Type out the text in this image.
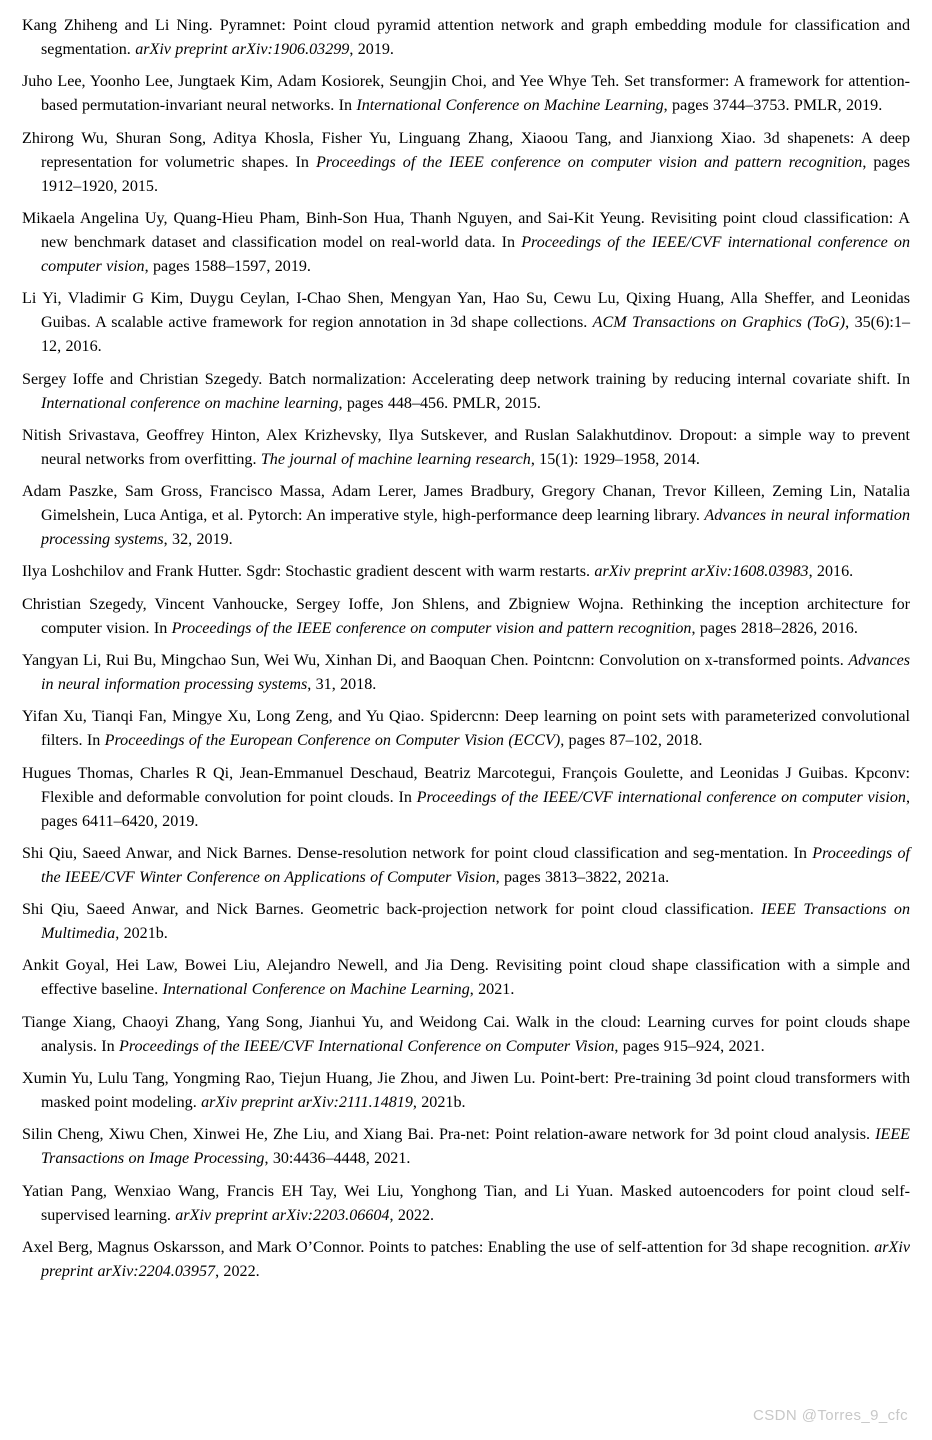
Kang Zhiheng and Li Ning. Pyramnet: Point cloud pyramid attention network and graph embedding module for classification and segmentation. arXiv preprint arXiv:1906.03299, 2019.
Juho Lee, Yoonho Lee, Jungtaek Kim, Adam Kosiorek, Seungjin Choi, and Yee Whye Teh. Set transformer: A framework for attention-based permutation-invariant neural networks. In International Conference on Machine Learning, pages 3744–3753. PMLR, 2019.
Zhirong Wu, Shuran Song, Aditya Khosla, Fisher Yu, Linguang Zhang, Xiaoou Tang, and Jianxiong Xiao. 3d shapenets: A deep representation for volumetric shapes. In Proceedings of the IEEE conference on computer vision and pattern recognition, pages 1912–1920, 2015.
Mikaela Angelina Uy, Quang-Hieu Pham, Binh-Son Hua, Thanh Nguyen, and Sai-Kit Yeung. Revisiting point cloud classification: A new benchmark dataset and classification model on real-world data. In Proceedings of the IEEE/CVF international conference on computer vision, pages 1588–1597, 2019.
Li Yi, Vladimir G Kim, Duygu Ceylan, I-Chao Shen, Mengyan Yan, Hao Su, Cewu Lu, Qixing Huang, Alla Sheffer, and Leonidas Guibas. A scalable active framework for region annotation in 3d shape collections. ACM Transactions on Graphics (ToG), 35(6):1–12, 2016.
Sergey Ioffe and Christian Szegedy. Batch normalization: Accelerating deep network training by reducing internal covariate shift. In International conference on machine learning, pages 448–456. PMLR, 2015.
Nitish Srivastava, Geoffrey Hinton, Alex Krizhevsky, Ilya Sutskever, and Ruslan Salakhutdinov. Dropout: a simple way to prevent neural networks from overfitting. The journal of machine learning research, 15(1): 1929–1958, 2014.
Adam Paszke, Sam Gross, Francisco Massa, Adam Lerer, James Bradbury, Gregory Chanan, Trevor Killeen, Zeming Lin, Natalia Gimelshein, Luca Antiga, et al. Pytorch: An imperative style, high-performance deep learning library. Advances in neural information processing systems, 32, 2019.
Ilya Loshchilov and Frank Hutter. Sgdr: Stochastic gradient descent with warm restarts. arXiv preprint arXiv:1608.03983, 2016.
Christian Szegedy, Vincent Vanhoucke, Sergey Ioffe, Jon Shlens, and Zbigniew Wojna. Rethinking the inception architecture for computer vision. In Proceedings of the IEEE conference on computer vision and pattern recognition, pages 2818–2826, 2016.
Yangyan Li, Rui Bu, Mingchao Sun, Wei Wu, Xinhan Di, and Baoquan Chen. Pointcnn: Convolution on x-transformed points. Advances in neural information processing systems, 31, 2018.
Yifan Xu, Tianqi Fan, Mingye Xu, Long Zeng, and Yu Qiao. Spidercnn: Deep learning on point sets with parameterized convolutional filters. In Proceedings of the European Conference on Computer Vision (ECCV), pages 87–102, 2018.
Hugues Thomas, Charles R Qi, Jean-Emmanuel Deschaud, Beatriz Marcotegui, François Goulette, and Leonidas J Guibas. Kpconv: Flexible and deformable convolution for point clouds. In Proceedings of the IEEE/CVF international conference on computer vision, pages 6411–6420, 2019.
Shi Qiu, Saeed Anwar, and Nick Barnes. Dense-resolution network for point cloud classification and seg-mentation. In Proceedings of the IEEE/CVF Winter Conference on Applications of Computer Vision, pages 3813–3822, 2021a.
Shi Qiu, Saeed Anwar, and Nick Barnes. Geometric back-projection network for point cloud classification. IEEE Transactions on Multimedia, 2021b.
Ankit Goyal, Hei Law, Bowei Liu, Alejandro Newell, and Jia Deng. Revisiting point cloud shape classification with a simple and effective baseline. International Conference on Machine Learning, 2021.
Tiange Xiang, Chaoyi Zhang, Yang Song, Jianhui Yu, and Weidong Cai. Walk in the cloud: Learning curves for point clouds shape analysis. In Proceedings of the IEEE/CVF International Conference on Computer Vision, pages 915–924, 2021.
Xumin Yu, Lulu Tang, Yongming Rao, Tiejun Huang, Jie Zhou, and Jiwen Lu. Point-bert: Pre-training 3d point cloud transformers with masked point modeling. arXiv preprint arXiv:2111.14819, 2021b.
Silin Cheng, Xiwu Chen, Xinwei He, Zhe Liu, and Xiang Bai. Pra-net: Point relation-aware network for 3d point cloud analysis. IEEE Transactions on Image Processing, 30:4436–4448, 2021.
Yatian Pang, Wenxiao Wang, Francis EH Tay, Wei Liu, Yonghong Tian, and Li Yuan. Masked autoencoders for point cloud self-supervised learning. arXiv preprint arXiv:2203.06604, 2022.
Axel Berg, Magnus Oskarsson, and Mark O’Connor. Points to patches: Enabling the use of self-attention for 3d shape recognition. arXiv preprint arXiv:2204.03957, 2022.
CSDN @Torres_9_cfc
